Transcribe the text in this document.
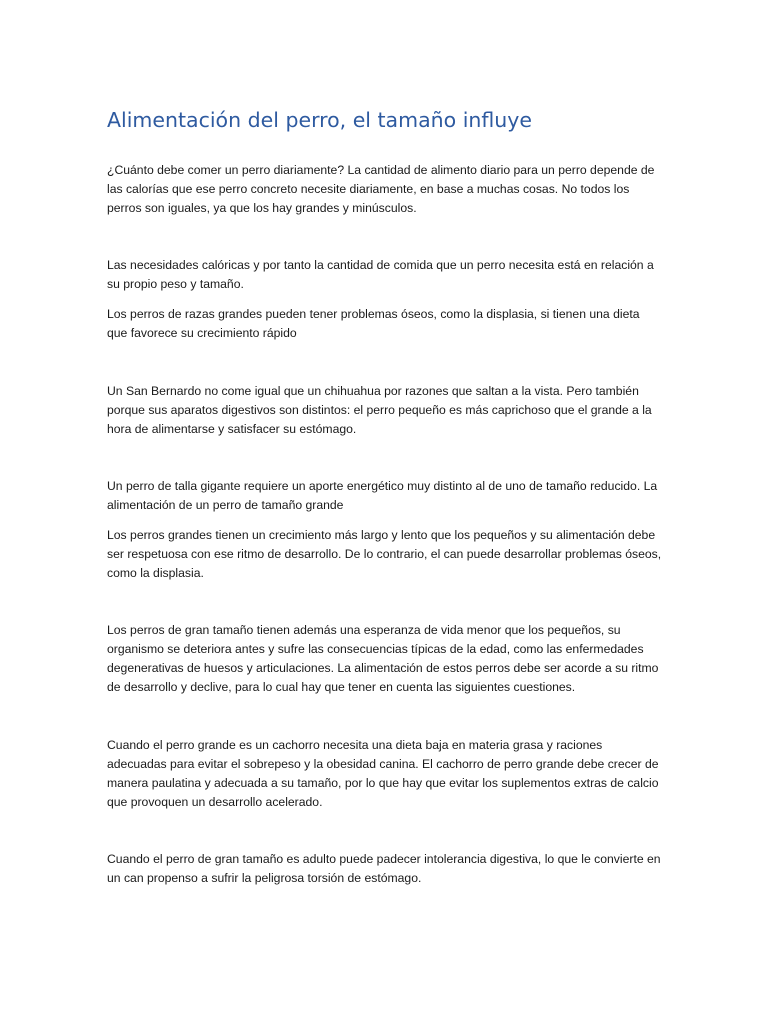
Alimentación del perro, el tamaño influye

¿Cuánto debe comer un perro diariamente? La cantidad de alimento diario para un perro depende de las calorías que ese perro concreto necesite diariamente, en base a muchas cosas. No todos los perros son iguales, ya que los hay grandes y minúsculos.

Las necesidades calóricas y por tanto la cantidad de comida que un perro necesita está en relación a su propio peso y tamaño.

Los perros de razas grandes pueden tener problemas óseos, como la displasia, si tienen una dieta que favorece su crecimiento rápido

Un San Bernardo no come igual que un chihuahua por razones que saltan a la vista. Pero también porque sus aparatos digestivos son distintos: el perro pequeño es más caprichoso que el grande a la hora de alimentarse y satisfacer su estómago.

Un perro de talla gigante requiere un aporte energético muy distinto al de uno de tamaño reducido. La alimentación de un perro de tamaño grande

Los perros grandes tienen un crecimiento más largo y lento que los pequeños y su alimentación debe ser respetuosa con ese ritmo de desarrollo. De lo contrario, el can puede desarrollar problemas óseos, como la displasia.

Los perros de gran tamaño tienen además una esperanza de vida menor que los pequeños, su organismo se deteriora antes y sufre las consecuencias típicas de la edad, como las enfermedades degenerativas de huesos y articulaciones. La alimentación de estos perros debe ser acorde a su ritmo de desarrollo y declive, para lo cual hay que tener en cuenta las siguientes cuestiones.

Cuando el perro grande es un cachorro necesita una dieta baja en materia grasa y raciones adecuadas para evitar el sobrepeso y la obesidad canina. El cachorro de perro grande debe crecer de manera paulatina y adecuada a su tamaño, por lo que hay que evitar los suplementos extras de calcio que provoquen un desarrollo acelerado.

Cuando el perro de gran tamaño es adulto puede padecer intolerancia digestiva, lo que le convierte en un can propenso a sufrir la peligrosa torsión de estómago.
